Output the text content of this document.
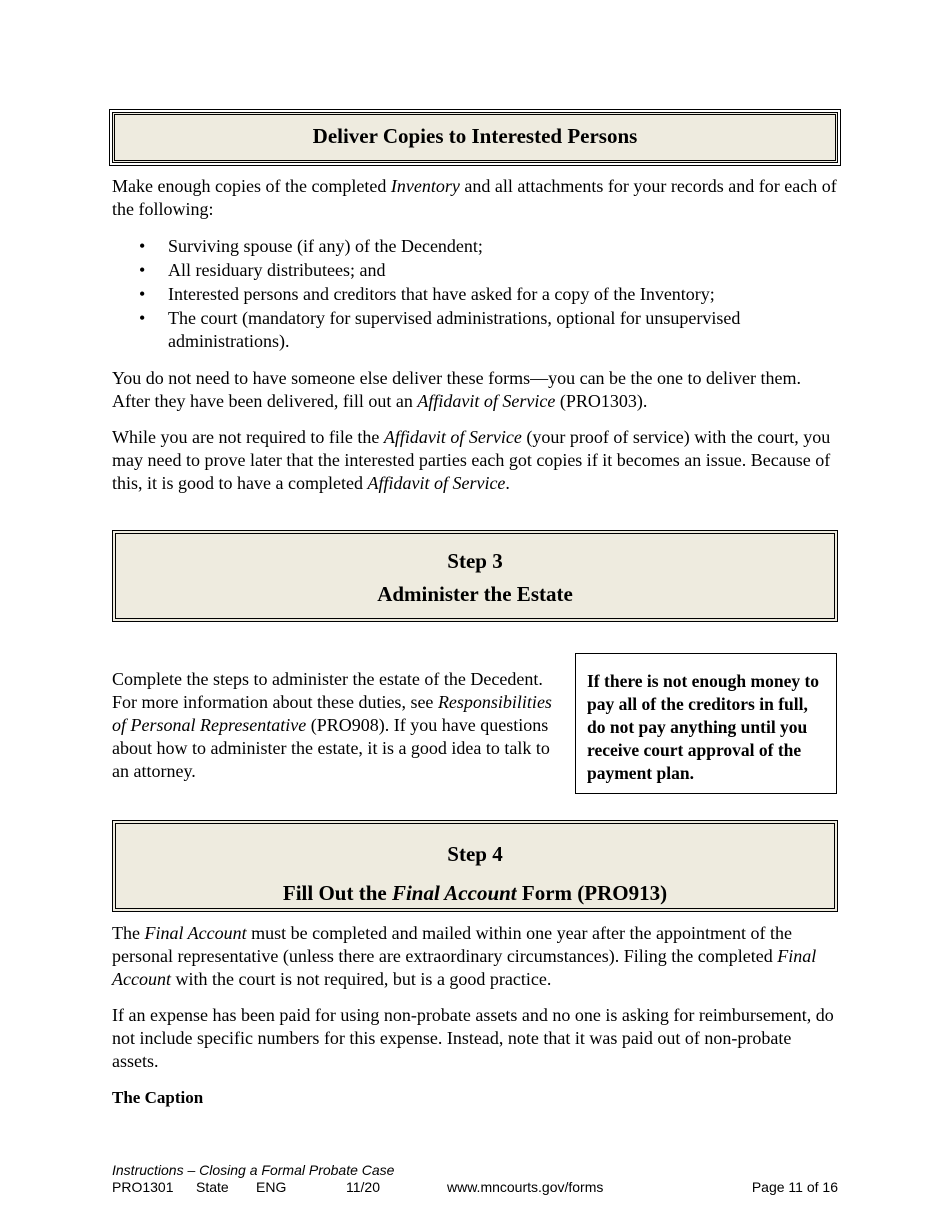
Deliver Copies to Interested Persons

Make enough copies of the completed Inventory and all attachments for your records and for each of the following:

• Surviving spouse (if any) of the Decendent;
• All residuary distributees; and
• Interested persons and creditors that have asked for a copy of the Inventory;
• The court (mandatory for supervised administrations, optional for unsupervised administrations).

You do not need to have someone else deliver these forms—you can be the one to deliver them. After they have been delivered, fill out an Affidavit of Service (PRO1303).

While you are not required to file the Affidavit of Service (your proof of service) with the court, you may need to prove later that the interested parties each got copies if it becomes an issue. Because of this, it is good to have a completed Affidavit of Service.

Step 3
Administer the Estate

Complete the steps to administer the estate of the Decedent. For more information about these duties, see Responsibilities of Personal Representative (PRO908). If you have questions about how to administer the estate, it is a good idea to talk to an attorney.

Step 4
Fill Out the Final Account Form (PRO913)

The Final Account must be completed and mailed within one year after the appointment of the personal representative (unless there are extraordinary circumstances). Filing the completed Final Account with the court is not required, but is a good practice.

If an expense has been paid for using non-probate assets and no one is asking for reimbursement, do not include specific numbers for this expense. Instead, note that it was paid out of non-probate assets.

The Caption

If there is not enough money to pay all of the creditors in full, do not pay anything until you receive court approval of the payment plan.
Instructions – Closing a Formal Probate Case
PRO1301 State ENG	11/20	www.mncourts.gov/forms	Page 11 of 16
